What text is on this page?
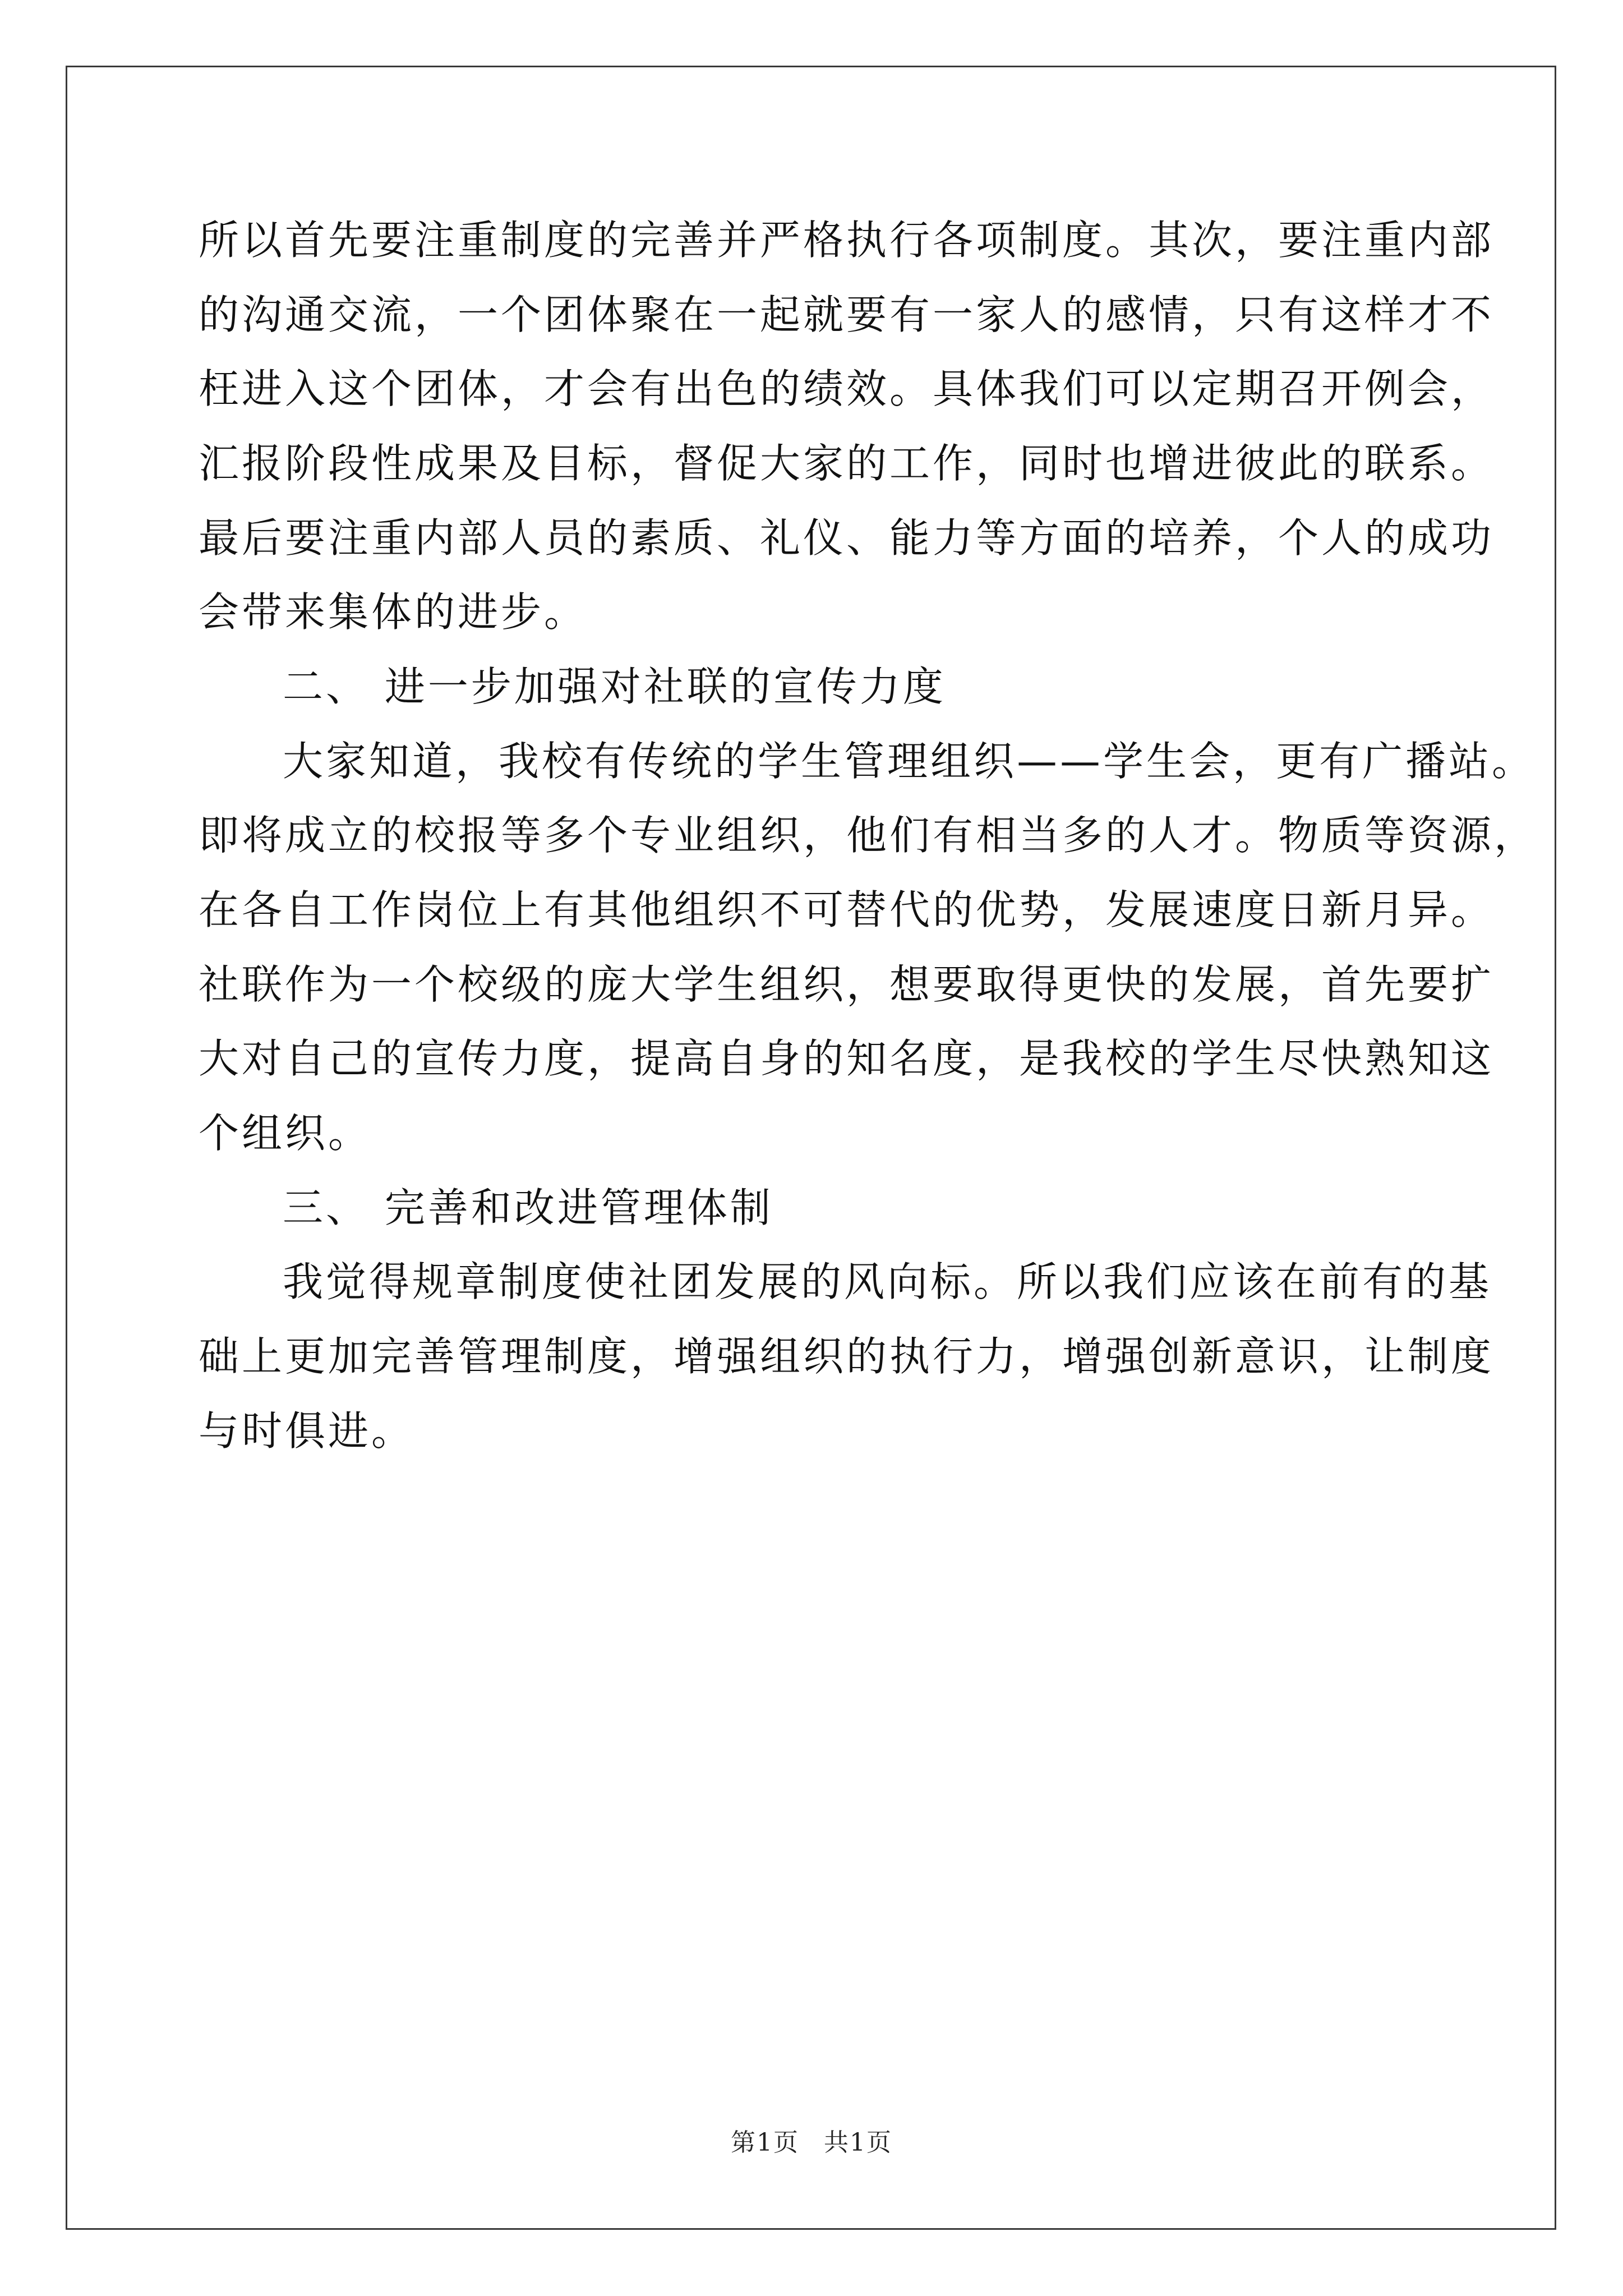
所以首先要注重制度的完善并严格执行各项制度。其次，要注重内部
的沟通交流，一个团体聚在一起就要有一家人的感情，只有这样才不
枉进入这个团体，才会有出色的绩效。具体我们可以定期召开例会，
汇报阶段性成果及目标，督促大家的工作，同时也增进彼此的联系。
最后要注重内部人员的素质、礼仪、能力等方面的培养，个人的成功
会带来集体的进步。
二、 进一步加强对社联的宣传力度
大家知道，我校有传统的学生管理组织——学生会，更有广播站。
即将成立的校报等多个专业组织，他们有相当多的人才。物质等资源，
在各自工作岗位上有其他组织不可替代的优势，发展速度日新月异。
社联作为一个校级的庞大学生组织，想要取得更快的发展，首先要扩
大对自己的宣传力度，提高自身的知名度，是我校的学生尽快熟知这
个组织。
三、 完善和改进管理体制
我觉得规章制度使社团发展的风向标。所以我们应该在前有的基
础上更加完善管理制度，增强组织的执行力，增强创新意识，让制度
与时俱进。
第1页 共1页
